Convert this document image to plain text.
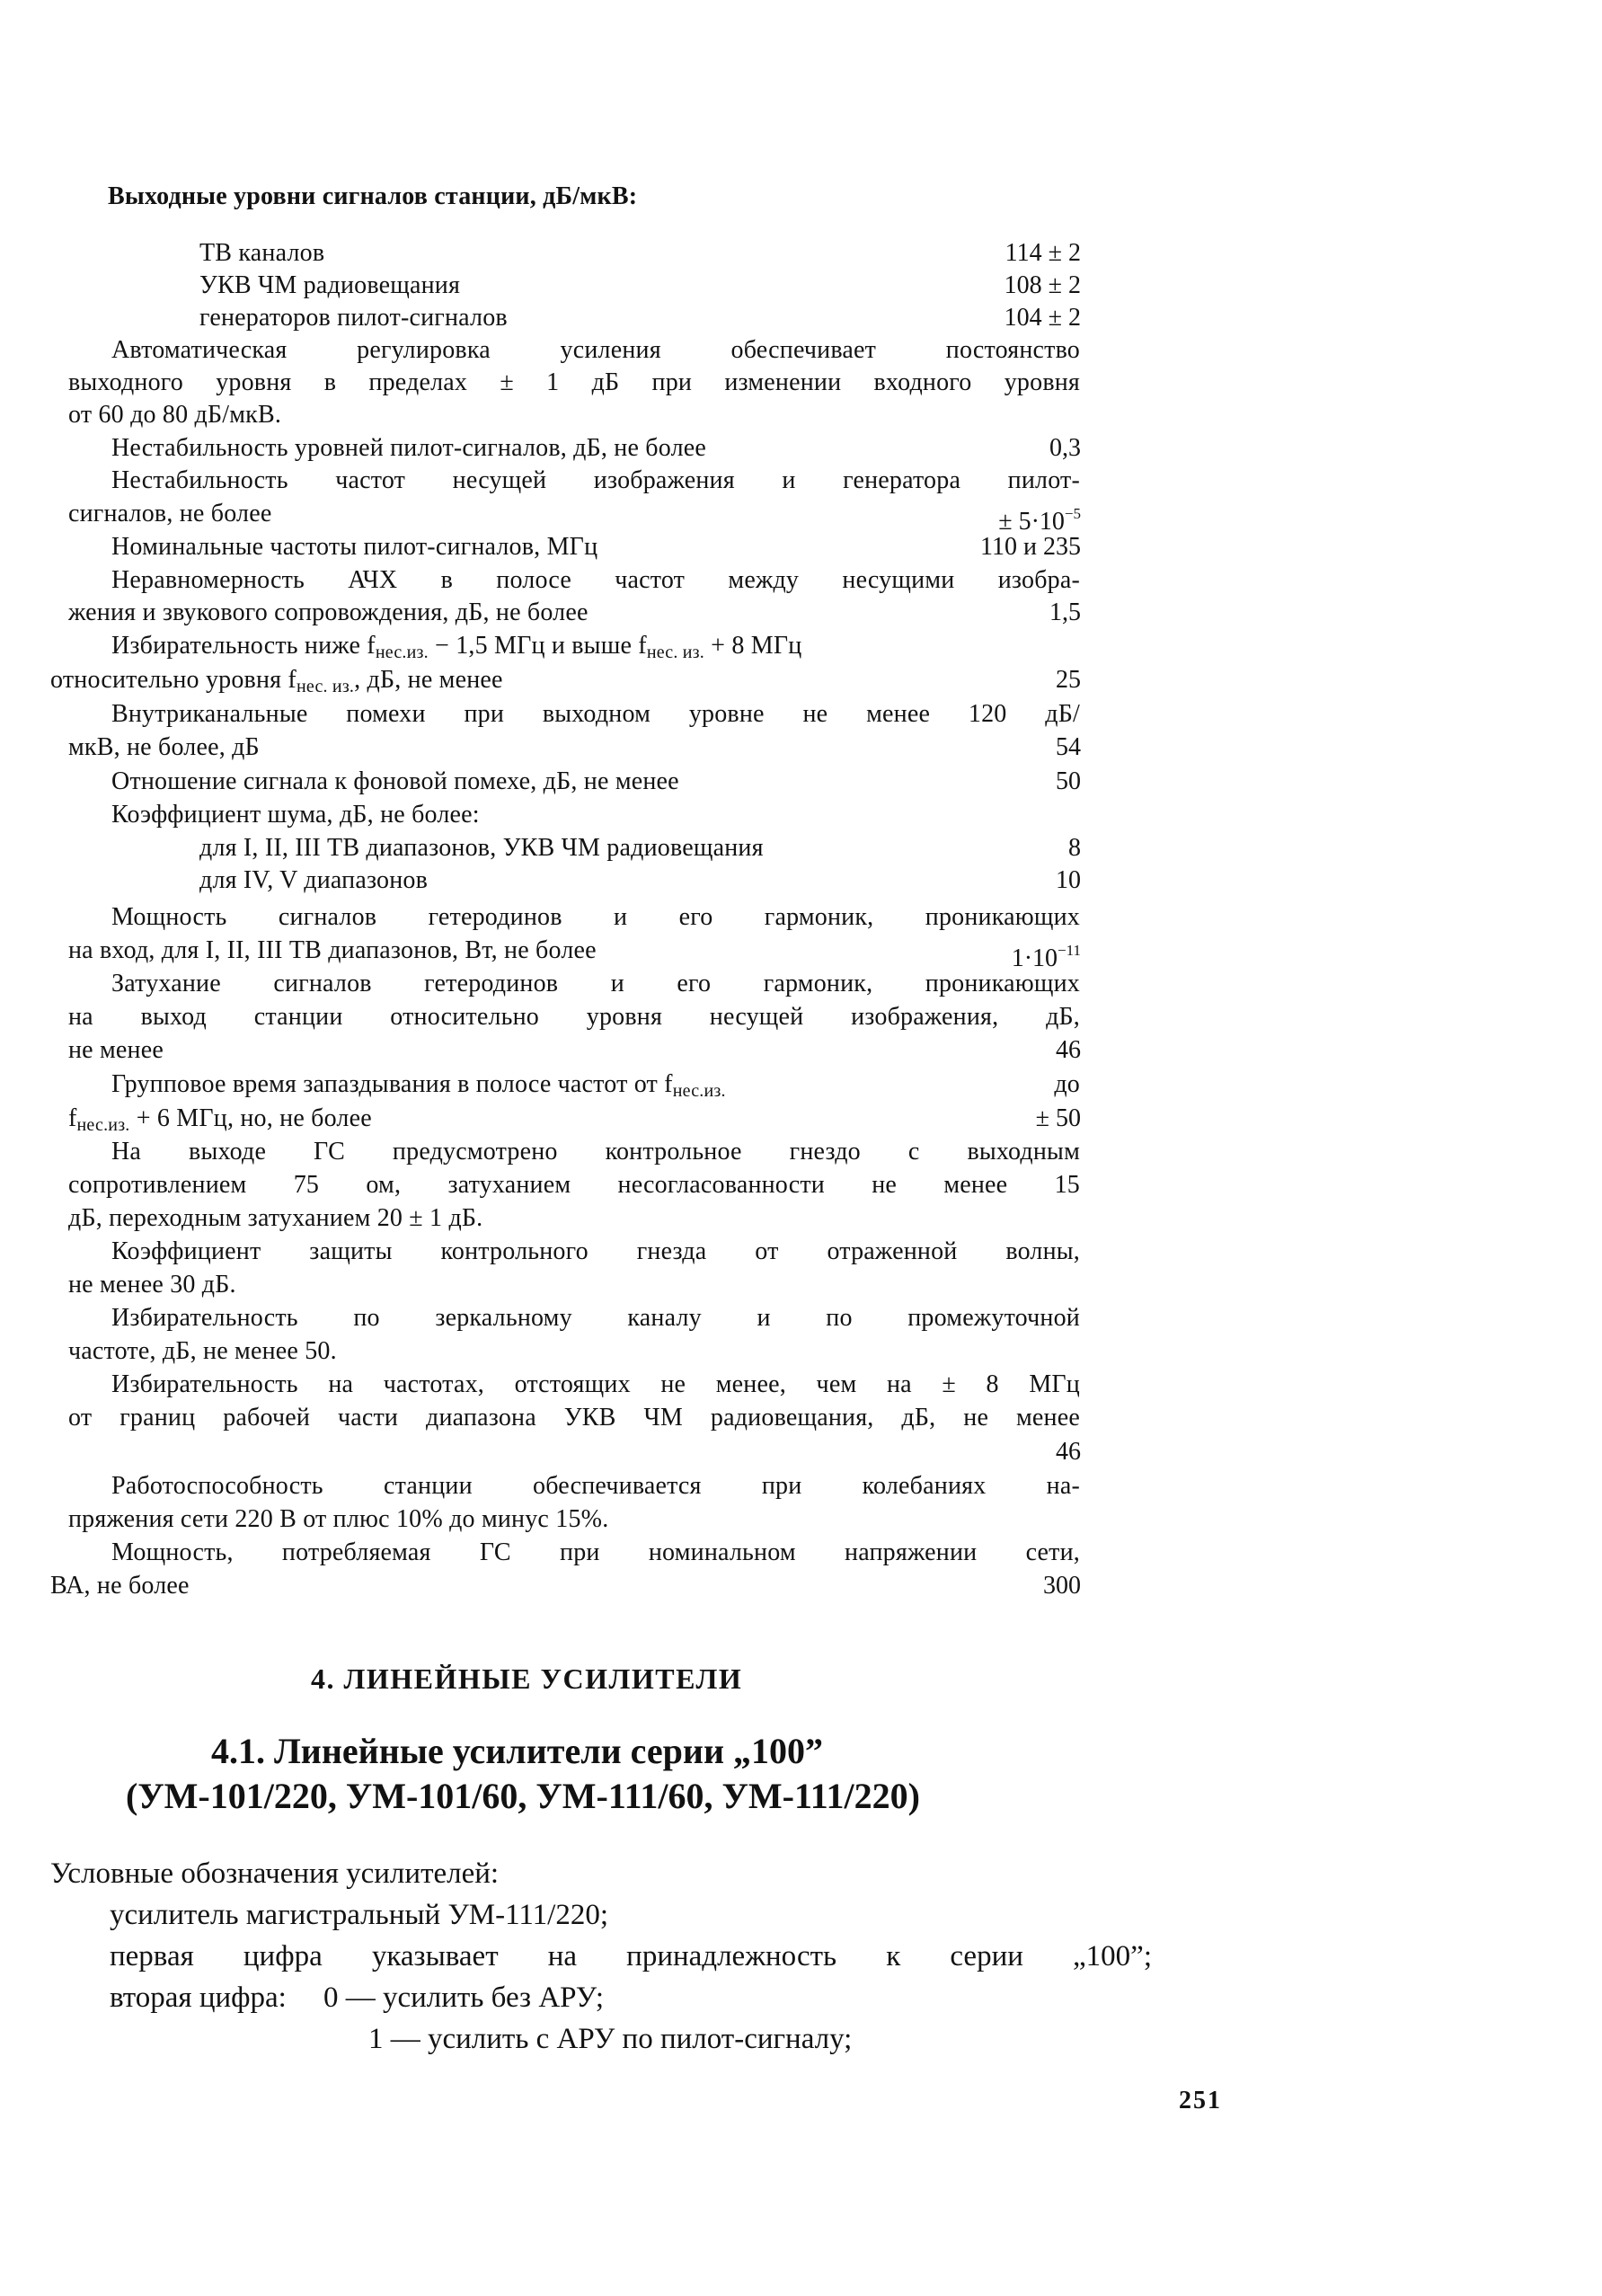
Выходные уровни сигналов станции, дБ/мкВ:
ТВ каналов	114 ± 2
УКВ ЧМ радиовещания	108 ± 2
генераторов пилот-сигналов	104 ± 2
Автоматическая регулировка усиления обеспечивает постоянство
выходного уровня в пределах ± 1 дБ при изменении входного уровня
от 60 до 80 дБ/мкВ.
Нестабильность уровней пилот-сигналов, дБ, не более	0,3
Нестабильность частот несущей изображения и генератора пилот-
сигналов, не более	± $5\cdot 10^{-5}$
Номинальные частоты пилот-сигналов, МГц	110 и 235
Неравномерность АЧХ в полосе частот между несущими изобра-
жения и звукового сопровождения, дБ, не более	1,5
Избирательность ниже $f_{нес.из.} - 1,5$ МГц и выше $f_{нес. из.} + 8$ МГц
относительно уровня $f_{нес. из.}$, дБ, не менее	25
Внутриканальные помехи при выходном уровне не менее 120 дБ/
мкВ, не более, дБ	54
Отношение сигнала к фоновой помехе, дБ, не менее	50
Коэффициент шума, дБ, не более:
для I, II, III ТВ диапазонов, УКВ ЧМ радиовещания	8
для IV, V диапазонов	10
Мощность сигналов гетеродинов и его гармоник, проникающих
на вход, для I, II, III ТВ диапазонов, Вт, не более	$1\cdot 10^{-11}$
Затухание сигналов гетеродинов и его гармоник, проникающих
на выход станции относительно уровня несущей изображения, дБ,
не менее	46
Групповое время запаздывания в полосе частот от $f_{нес.из.}$	до
$f_{нес.из.} + 6$ МГц, но, не более	± 50
На выходе ГС предусмотрено контрольное гнездо с выходным
сопротивлением 75 ом, затуханием несогласованности не менее 15
дБ, переходным затуханием 20 ± 1 дБ.
Коэффициент защиты контрольного гнезда от отраженной волны,
не менее 30 дБ.
Избирательность по зеркальному каналу и по промежуточной
частоте, дБ, не менее 50.
Избирательность на частотах, отстоящих не менее, чем на ± 8 МГц
от границ рабочей части диапазона УКВ ЧМ радиовещания, дБ, не менее
46
Работоспособность станции обеспечивается при колебаниях на-
пряжения сети 220 В от плюс 10% до минус 15%.
Мощность, потребляемая ГС при номинальном напряжении сети,
ВА, не более	300
4. ЛИНЕЙНЫЕ УСИЛИТЕЛИ
4.1. Линейные усилители серии „100”
(УМ-101/220, УМ-101/60, УМ-111/60, УМ-111/220)
Условные обозначения усилителей:
усилитель магистральный УМ-111/220;
первая цифра указывает на принадлежность к серии „100”;
вторая цифра: 0 — усилить без АРУ;
1 — усилить с АРУ по пилот-сигналу;
251
